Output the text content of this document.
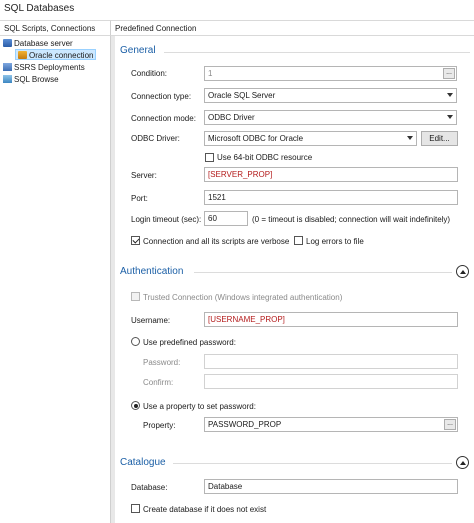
SQL Databases
SQL Scripts, Connections Predefined Connection
Database server
Oracle connection
SSRS Deployments
SQL Browse
General
Condition:	1	...
Connection type:	Oracle SQL Server
Connection mode:	ODBC Driver
ODBC Driver:	Microsoft ODBC for Oracle	Edit...
Use 64-bit ODBC resource
Server:	[SERVER_PROP]
Port:	1521
Login timeout (sec): 60	(0 = timeout is disabled; connection will wait indefinitely)
Connection and all its scripts are verbose Log errors to file
Authentication
Trusted Connection (Windows integrated authentication)
Username:	[USERNAME_PROP]
Use predefined password:
Password:
Confirm:
Use a property to set password:
Property:	PASSWORD_PROP	...
Catalogue
Database:	Database
Create database if it does not exist
